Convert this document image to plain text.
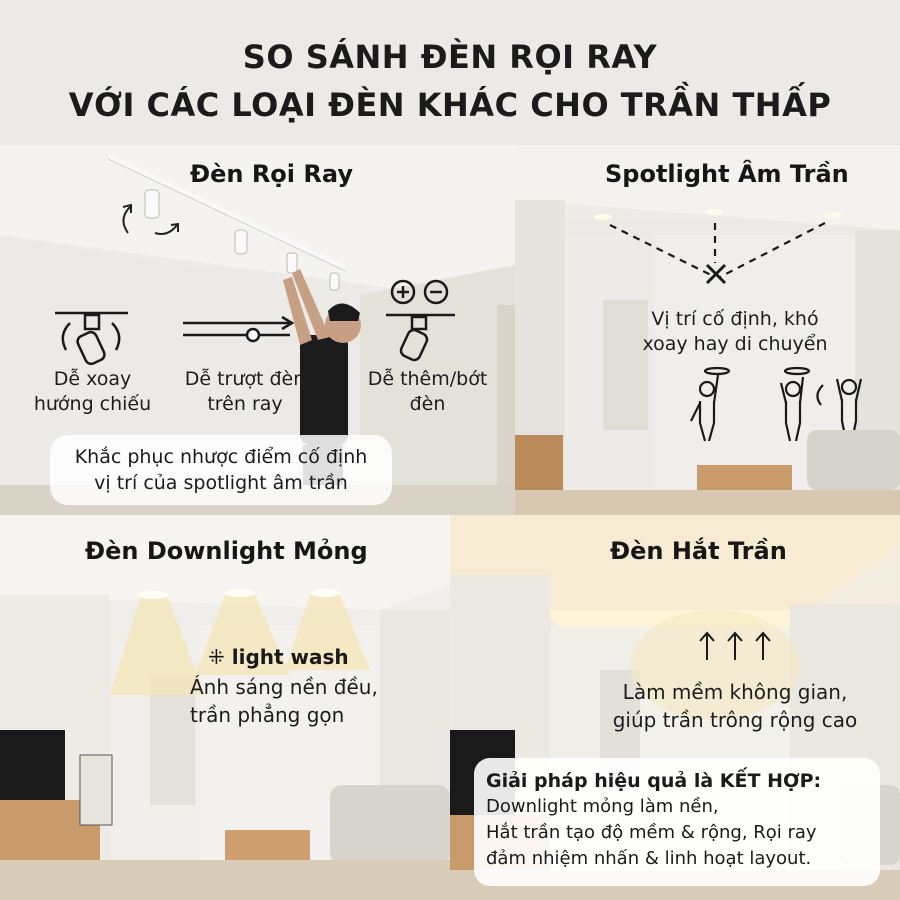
SO SÁNH ĐÈN RỌI RAY
VỚI CÁC LOẠI ĐÈN KHÁC CHO TRẦN THẤP
Đèn Rọi Ray
Dễ xoay
hướng chiếu
Dễ trượt đèn
trên ray
Dễ thêm/bớt
đèn
Khắc phục nhược điểm cố định
vị trí của spotlight âm trần
Spotlight Âm Trần
Vị trí cố định, khó
xoay hay di chuyển
Đèn Downlight Mỏng
⁜ light wash
Ánh sáng nền đều,
trần phẳng gọn
Đèn Hắt Trần
Làm mềm không gian,
giúp trần trông rộng cao
Giải pháp hiệu quả là KẾT HỢP:
Downlight mỏng làm nền,
Hắt trần tạo độ mềm & rộng, Rọi ray
đảm nhiệm nhấn & linh hoạt layout.
